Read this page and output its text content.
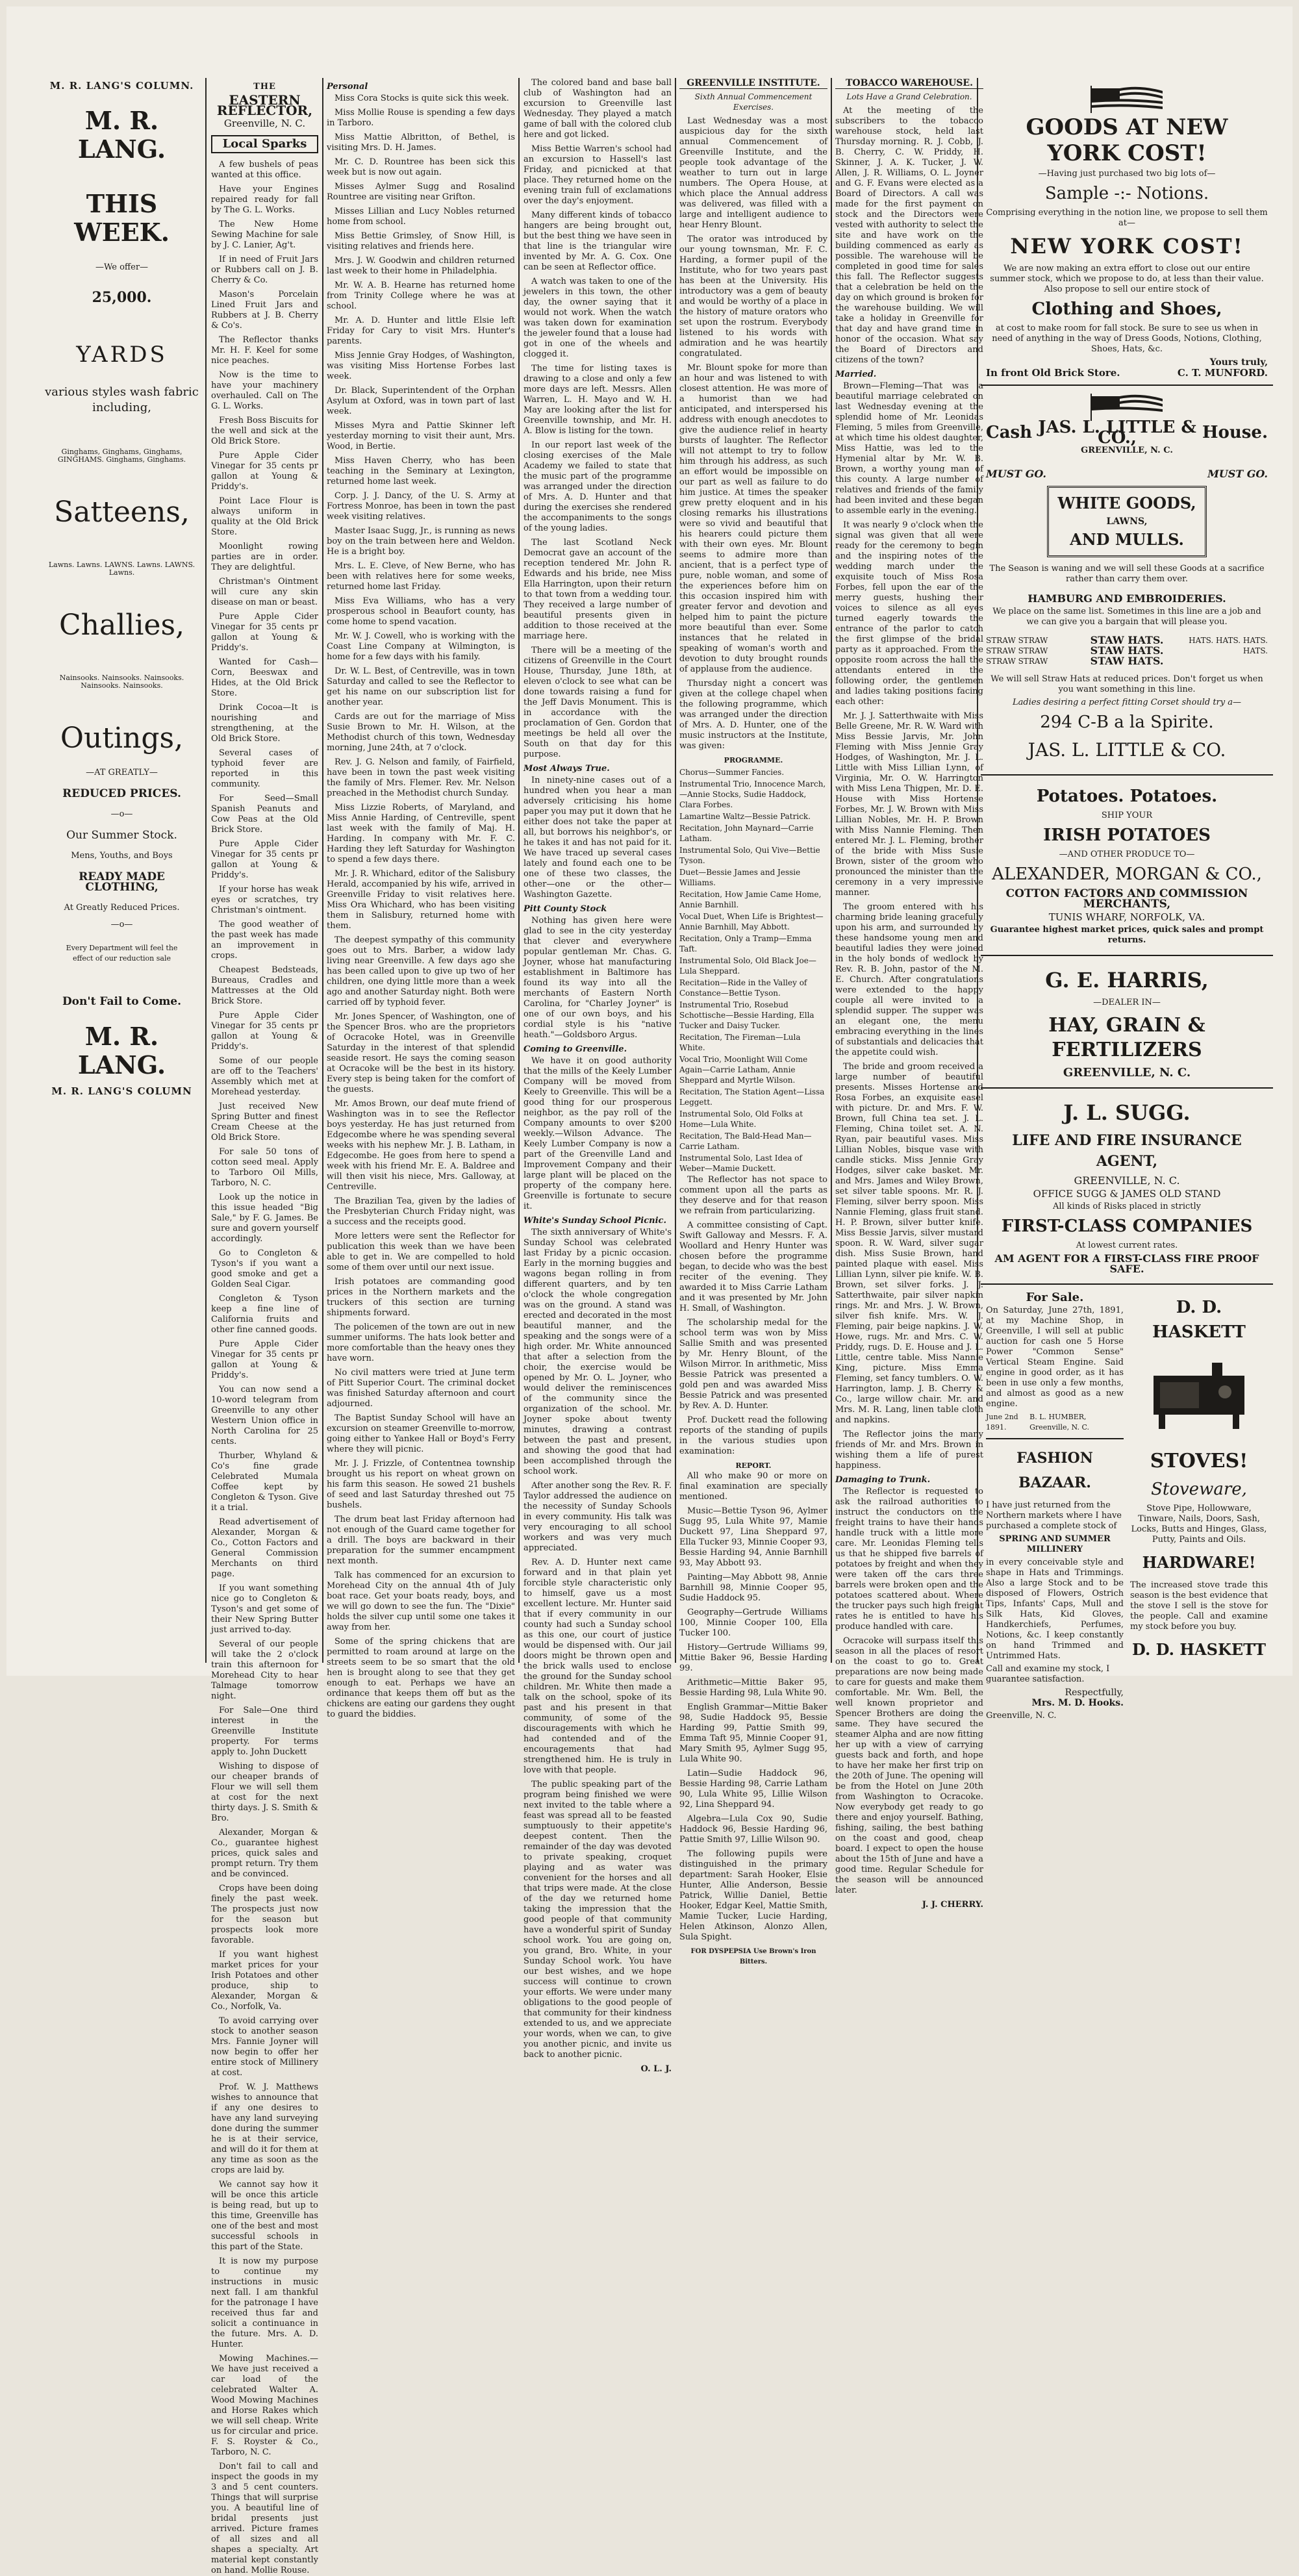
M. R. LANG'S COLUMN.
M. R. LANG.
THIS WEEK.
—We offer—
25,000.
YARDS
various styles wash fabric including,
Ginghams, Ginghams, Ginghams, GINGHAMS. Ginghams, Ginghams.
Satteens,
Lawns. Lawns. LAWNS. Lawns. LAWNS. Lawns.
Challies,
Nainsooks. Nainsooks. Nainsooks. Nainsooks. Nainsooks.
Outings,
—AT GREATLY—
REDUCED PRICES.
—o—
Our Summer Stock.
Mens, Youths, and Boys
READY MADE CLOTHING,
At Greatly Reduced Prices.
—o—
Every Department will feel the effect of our reduction sale
Don't Fail to Come.
M. R. LANG.
M. R. LANG'S COLUMN
THE
EASTERN REFLECTOR,
Greenville, N. C.
Local Sparks

A few bushels of peas wanted at this office.

Have your Engines repaired ready for fall by The G. L. Works.

The New Home Sewing Machine for sale by J. C. Lanier, Ag't.

If in need of Fruit Jars or Rubbers call on J. B. Cherry & Co.

Mason's Porcelain Lined Fruit Jars and Rubbers at J. B. Cherry & Co's.

The Reflector thanks Mr. H. F. Keel for some nice peaches.

Now is the time to have your machinery overhauled. Call on The G. L. Works.

Fresh Boss Biscuits for the well and sick at the Old Brick Store.

Pure Apple Cider Vinegar for 35 cents pr gallon at Young & Priddy's.

Point Lace Flour is always uniform in quality at the Old Brick Store.

Moonlight rowing parties are in order. They are delightful.

Christman's Ointment will cure any skin disease on man or beast.

Pure Apple Cider Vinegar for 35 cents pr gallon at Young & Priddy's.

Wanted for Cash—Corn, Beeswax and Hides, at the Old Brick Store.

Drink Cocoa—It is nourishing and strengthening, at the Old Brick Store.

Several cases of typhoid fever are reported in this community.

For Seed—Small Spanish Peanuts and Cow Peas at the Old Brick Store.

Pure Apple Cider Vinegar for 35 cents pr gallon at Young & Priddy's.

If your horse has weak eyes or scratches, try Christman's ointment.

The good weather of the past week has made an improvement in crops.

Cheapest Bedsteads, Bureaus, Cradles and Mattresses at the Old Brick Store.

Pure Apple Cider Vinegar for 35 cents pr gallon at Young & Priddy's.

Some of our people are off to the Teachers' Assembly which met at Morehead yesterday.

Just received New Spring Butter and finest Cream Cheese at the Old Brick Store.

For sale 50 tons of cotton seed meal. Apply to Tarboro Oil Mills, Tarboro, N. C.

Look up the notice in this issue headed "Big Sale," by F. G. James. Be sure and govern yourself accordingly.

Go to Congleton & Tyson's if you want a good smoke and get a Golden Seal Cigar.

Congleton & Tyson keep a fine line of California fruits and other fine canned goods.

Pure Apple Cider Vinegar for 35 cents pr gallon at Young & Priddy's.

You can now send a 10-word telegram from Greenville to any other Western Union office in North Carolina for 25 cents.

Thurber, Whyland & Co's fine grade Celebrated Mumala Coffee kept by Congleton & Tyson. Give it a trial.

Read advertisement of Alexander, Morgan & Co., Cotton Factors and General Commission Merchants on third page.

If you want something nice go to Congleton & Tyson's and get some of their New Spring Butter just arrived to-day.

Several of our people will take the 2 o'clock train this afternoon for Morehead City to hear Talmage tomorrow night.

For Sale—One third interest in the Greenville Institute property. For terms apply to. John Duckett

Wishing to dispose of our cheaper brands of Flour we will sell them at cost for the next thirty days. J. S. Smith & Bro.

Alexander, Morgan & Co., guarantee highest prices, quick sales and prompt return. Try them and be convinced.

Crops have been doing finely the past week. The prospects just now for the season but prospects look more favorable.

If you want highest market prices for your Irish Potatoes and other produce, ship to Alexander, Morgan & Co., Norfolk, Va.

To avoid carrying over stock to another season Mrs. Fannie Joyner will now begin to offer her entire stock of Millinery at cost.

Prof. W. J. Matthews wishes to announce that if any one desires to have any land surveying done during the summer he is at their service, and will do it for them at any time as soon as the crops are laid by.

We cannot say how it will be once this article is being read, but up to this time, Greenville has one of the best and most successful schools in this part of the State.

It is now my purpose to continue my instructions in music next fall. I am thankful for the patronage I have received thus far and solicit a continuance in the future. Mrs. A. D. Hunter.

Mowing Machines.—We have just received a car load of the celebrated Walter A. Wood Mowing Machines and Horse Rakes which we will sell cheap. Write us for circular and price. F. S. Royster & Co., Tarboro, N. C.

Don't fail to call and inspect the goods in my 3 and 5 cent counters. Things that will surprise you. A beautiful line of bridal presents just arrived. Picture frames of all sizes and all shapes a specialty. Art material kept constantly on hand. Mollie Rouse.

Personal

Miss Cora Stocks is quite sick this week.

Miss Mollie Rouse is spending a few days in Tarboro.

Miss Mattie Albritton, of Bethel, is visiting Mrs. D. H. James.

Mr. C. D. Rountree has been sick this week but is now out again.

Misses Aylmer Sugg and Rosalind Rountree are visiting near Grifton.

Misses Lillian and Lucy Nobles returned home from school.

Miss Bettie Grimsley, of Snow Hill, is visiting relatives and friends here.

Mrs. J. W. Goodwin and children returned last week to their home in Philadelphia.

Mr. W. A. B. Hearne has returned home from Trinity College where he was at school.

Mr. A. D. Hunter and little Elsie left Friday for Cary to visit Mrs. Hunter's parents.

Miss Jennie Gray Hodges, of Washington, was visiting Miss Hortense Forbes last week.

Dr. Black, Superintendent of the Orphan Asylum at Oxford, was in town part of last week.

Misses Myra and Pattie Skinner left yesterday morning to visit their aunt, Mrs. Wood, in Bertie.

Miss Haven Cherry, who has been teaching in the Seminary at Lexington, returned home last week.

Corp. J. J. Dancy, of the U. S. Army at Fortress Monroe, has been in town the past week visiting relatives.

Master Isaac Sugg, Jr., is running as news boy on the train between here and Weldon. He is a bright boy.

Mrs. L. E. Cleve, of New Berne, who has been with relatives here for some weeks, returned home last Friday.

Miss Eva Williams, who has a very prosperous school in Beaufort county, has come home to spend vacation.

Mr. W. J. Cowell, who is working with the Coast Line Company at Wilmington, is home for a few days with his family.

Dr. W. L. Best, of Centreville, was in town Saturday and called to see the Reflector to get his name on our subscription list for another year.

Cards are out for the marriage of Miss Susie Brown to Mr. H. Wilson, at the Methodist church of this town, Wednesday morning, June 24th, at 7 o'clock.

Rev. J. G. Nelson and family, of Fairfield, have been in town the past week visiting the family of Mrs. Flemer. Rev. Mr. Nelson preached in the Methodist church Sunday.

Miss Lizzie Roberts, of Maryland, and Miss Annie Harding, of Centreville, spent last week with the family of Maj. H. Harding. In company with Mr. F. C. Harding they left Saturday for Washington to spend a few days there.

Mr. J. R. Whichard, editor of the Salisbury Herald, accompanied by his wife, arrived in Greenville Friday to visit relatives here. Miss Ora Whichard, who has been visiting them in Salisbury, returned home with them.

The deepest sympathy of this community goes out to Mrs. Barber, a widow lady living near Greenville. A few days ago she has been called upon to give up two of her children, one dying little more than a week ago and another Saturday night. Both were carried off by typhoid fever.

Mr. Jones Spencer, of Washington, one of the Spencer Bros. who are the proprietors of Ocracoke Hotel, was in Greenville Saturday in the interest of that splendid seaside resort. He says the coming season at Ocracoke will be the best in its history. Every step is being taken for the comfort of the guests.

Mr. Amos Brown, our deaf mute friend of Washington was in to see the Reflector boys yesterday. He has just returned from Edgecombe where he was spending several weeks with his nephew Mr. J. B. Latham, in Edgecombe. He goes from here to spend a week with his friend Mr. E. A. Baldree and will then visit his niece, Mrs. Galloway, at Centreville.

The Brazilian Tea, given by the ladies of the Presbyterian Church Friday night, was a success and the receipts good.

More letters were sent the Reflector for publication this week than we have been able to get in. We are compelled to hold some of them over until our next issue.

Irish potatoes are commanding good prices in the Northern markets and the truckers of this section are turning shipments forward.

The policemen of the town are out in new summer uniforms. The hats look better and more comfortable than the heavy ones they have worn.

No civil matters were tried at June term of Pitt Superior Court. The criminal docket was finished Saturday afternoon and court adjourned.

The Baptist Sunday School will have an excursion on steamer Greenville to-morrow, going either to Yankee Hall or Boyd's Ferry where they will picnic.

Mr. J. J. Frizzle, of Contentnea township brought us his report on wheat grown on his farm this season. He sowed 21 bushels of seed and last Saturday threshed out 75 bushels.

The drum beat last Friday afternoon had not enough of the Guard came together for a drill. The boys are backward in their preparation for the summer encampment next month.

Talk has commenced for an excursion to Morehead City on the annual 4th of July boat race. Get your boats ready, boys, and we will go down to see the fun. The "Dixie" holds the silver cup until some one takes it away from her.

Some of the spring chickens that are permitted to roam around at large on the streets seem to be so smart that the old hen is brought along to see that they get enough to eat. Perhaps we have an ordinance that keeps them off but as the chickens are eating our gardens they ought to guard the biddies.

The colored band and base ball club of Washington had an excursion to Greenville last Wednesday. They played a match game of ball with the colored club here and got licked.

Miss Bettie Warren's school had an excursion to Hassell's last Friday, and picnicked at that place. They returned home on the evening train full of exclamations over the day's enjoyment.

Many different kinds of tobacco hangers are being brought out, but the best thing we have seen in that line is the triangular wire invented by Mr. A. G. Cox. One can be seen at Reflector office.

A watch was taken to one of the jewelers in this town, the other day, the owner saying that it would not work. When the watch was taken down for examination the jeweler found that a louse had got in one of the wheels and clogged it.

The time for listing taxes is drawing to a close and only a few more days are left. Messrs. Allen Warren, L. H. Mayo and W. H. May are looking after the list for Greenville township, and Mr. H. A. Blow is listing for the town.

In our report last week of the closing exercises of the Male Academy we failed to state that the music part of the programme was arranged under the direction of Mrs. A. D. Hunter and that during the exercises she rendered the accompaniments to the songs of the young ladies.

The last Scotland Neck Democrat gave an account of the reception tendered Mr. John R. Edwards and his bride, nee Miss Ella Harrington, upon their return to that town from a wedding tour. They received a large number of beautiful presents given in addition to those received at the marriage here.

There will be a meeting of the citizens of Greenville in the Court House, Thursday, June 18th, at eleven o'clock to see what can be done towards raising a fund for the Jeff Davis Monument. This is in accordance with the proclamation of Gen. Gordon that meetings be held all over the South on that day for this purpose.

Most Always True.

In ninety-nine cases out of a hundred when you hear a man adversely criticising his home paper you may put it down that he either does not take the paper at all, but borrows his neighbor's, or he takes it and has not paid for it. We have traced up several cases lately and found each one to be one of these two classes, the other—one or the other—Washington Gazette.

Pitt County Stock

Nothing has given here were glad to see in the city yesterday that clever and everywhere popular gentleman Mr. Chas. G. Joyner, whose hat manufacturing establishment in Baltimore has found its way into all the merchants of Eastern North Carolina, for "Charley Joyner" is one of our own boys, and his cordial style is his "native heath."—Goldsboro Argus.

Coming to Greenville.

We have it on good authority that the mills of the Keely Lumber Company will be moved from Keely to Greenville. This will be a good thing for our prosperous neighbor, as the pay roll of the Company amounts to over $200 weekly.—Wilson Advance. The Keely Lumber Company is now a part of the Greenville Land and Improvement Company and their large plant will be placed on the property of the company here. Greenville is fortunate to secure it.

White's Sunday School Picnic.

The sixth anniversary of White's Sunday School was celebrated last Friday by a picnic occasion. Early in the morning buggies and wagons began rolling in from different quarters, and by ten o'clock the whole congregation was on the ground. A stand was erected and decorated in the most beautiful manner, and the speaking and the songs were of a high order. Mr. White announced that after a selection from the choir, the exercise would be opened by Mr. O. L. Joyner, who would deliver the reminiscences of the community since the organization of the school. Mr. Joyner spoke about twenty minutes, drawing a contrast between the past and present, and showing the good that had been accomplished through the school work.

After another song the Rev. R. F. Taylor addressed the audience on the necessity of Sunday Schools in every community. His talk was very encouraging to all school workers and was very much appreciated.

Rev. A. D. Hunter next came forward and in that plain yet forcible style characteristic only to himself, gave us a most excellent lecture. Mr. Hunter said that if every community in our county had such a Sunday school as this one, our court of justice would be dispensed with. Our jail doors might be thrown open and the brick walls used to enclose the ground for the Sunday school children. Mr. White then made a talk on the school, spoke of its past and his present in that community, of some of the discouragements with which he had contended and of the encouragements that had strengthened him. He is truly in love with that people.

The public speaking part of the program being finished we were next invited to the table where a feast was spread all to be feasted sumptuously to their appetite's deepest content. Then the remainder of the day was devoted to private speaking, croquet playing and as water was convenient for the horses and all that trips were made. At the close of the day we returned home taking the impression that the good people of that community have a wonderful spirit of Sunday school work. You are going on, you grand, Bro. White, in your Sunday School work. You have our best wishes, and we hope success will continue to crown your efforts. We were under many obligations to the good people of that community for their kindness extended to us, and we appreciate your words, when we can, to give you another picnic, and invite us back to another picnic.

O. L. J.
GREENVILLE INSTITUTE.
Sixth Annual Commencement Exercises.

Last Wednesday was a most auspicious day for the sixth annual Commencement of Greenville Institute, and the people took advantage of the weather to turn out in large numbers. The Opera House, at which place the Annual address was delivered, was filled with a large and intelligent audience to hear Henry Blount.

The orator was introduced by our young townsman, Mr. F. C. Harding, a former pupil of the Institute, who for two years past has been at the University. His introductory was a gem of beauty and would be worthy of a place in the history of mature orators who set upon the rostrum. Everybody listened to his words with admiration and he was heartily congratulated.

Mr. Blount spoke for more than an hour and was listened to with closest attention. He was more of a humorist than we had anticipated, and interspersed his address with enough anecdotes to give the audience relief in hearty bursts of laughter. The Reflector will not attempt to try to follow him through his address, as such an effort would be impossible on our part as well as failure to do him justice. At times the speaker grew pretty eloquent and in his closing remarks his illustrations were so vivid and beautiful that his hearers could picture them with their own eyes. Mr. Blount seems to admire more than ancient, that is a perfect type of pure, noble woman, and some of the experiences before him on this occasion inspired him with greater fervor and devotion and helped him to paint the picture more beautiful than ever. Some instances that he related in speaking of woman's worth and devotion to duty brought rounds of applause from the audience.

Thursday night a concert was given at the college chapel when the following programme, which was arranged under the direction of Mrs. A. D. Hunter, one of the music instructors at the Institute, was given:

PROGRAMME.

Chorus—Summer Fancies.

Instrumental Trio, Innocence March, —Annie Stocks, Sudie Haddock, Clara Forbes.

Lamartine Waltz—Bessie Patrick.

Recitation, John Maynard—Carrie Latham.

Instrumental Solo, Qui Vive—Bettie Tyson.

Duet—Bessie James and Jessie Williams.

Recitation, How Jamie Came Home, Annie Barnhill.

Vocal Duet, When Life is Brightest—Annie Barnhill, May Abbott.

Recitation, Only a Tramp—Emma Taft.

Instrumental Solo, Old Black Joe—Lula Sheppard.

Recitation—Ride in the Valley of Constance—Bettie Tyson.

Instrumental Trio, Rosebud Schottische—Bessie Harding, Ella Tucker and Daisy Tucker.

Recitation, The Fireman—Lula White.

Vocal Trio, Moonlight Will Come Again—Carrie Latham, Annie Sheppard and Myrtle Wilson.

Recitation, The Station Agent—Lissa Leggett.

Instrumental Solo, Old Folks at Home—Lula White.

Recitation, The Bald-Head Man—Carrie Latham.

Instrumental Solo, Last Idea of Weber—Mamie Duckett.

The Reflector has not space to comment upon all the parts as they deserve and for that reason we refrain from particularizing.

A committee consisting of Capt. Swift Galloway and Messrs. F. A. Woollard and Henry Hunter was chosen before the programme began, to decide who was the best reciter of the evening. They awarded it to Miss Carrie Latham and it was presented by Mr. John H. Small, of Washington.

The scholarship medal for the school term was won by Miss Sallie Smith and was presented by Mr. Henry Blount, of the Wilson Mirror. In arithmetic, Miss Bessie Patrick was presented a gold pen and was awarded Miss Bessie Patrick and was presented by Rev. A. D. Hunter.

Prof. Duckett read the following reports of the standing of pupils in the various studies upon examination:

REPORT.

All who make 90 or more on final examination are specially mentioned.

Music—Bettie Tyson 96, Aylmer Sugg 95, Lula White 97, Mamie Duckett 97, Lina Sheppard 97, Ella Tucker 93, Minnie Cooper 93, Bessie Harding 94, Annie Barnhill 93, May Abbott 93.

Painting—May Abbott 98, Annie Barnhill 98, Minnie Cooper 95, Sudie Haddock 95.

Geography—Gertrude Williams 100, Minnie Cooper 100, Ella Tucker 100.

History—Gertrude Williams 99, Mittie Baker 96, Bessie Harding 99.

Arithmetic—Mittie Baker 95, Bessie Harding 98, Lula White 90.

English Grammar—Mittie Baker 98, Sudie Haddock 95, Bessie Harding 99, Pattie Smith 99, Emma Taft 95, Minnie Cooper 91, Mary Smith 95, Aylmer Sugg 95, Lula White 90.

Latin—Sudie Haddock 96, Bessie Harding 98, Carrie Latham 90, Lula White 95, Lillie Wilson 92, Lina Sheppard 94.

Algebra—Lula Cox 90, Sudie Haddock 96, Bessie Harding 96, Pattie Smith 97, Lillie Wilson 90.

The following pupils were distinguished in the primary department: Sarah Hooker, Elsie Hunter, Allie Anderson, Bessie Patrick, Willie Daniel, Bettie Hooker, Edgar Keel, Mattie Smith, Mamie Tucker, Lucie Harding, Helen Atkinson, Alonzo Allen, Sula Spight.

FOR DYSPEPSIA Use Brown's Iron Bitters.
TOBACCO WAREHOUSE.
Lots Have a Grand Celebration.

At the meeting of the subscribers to the tobacco warehouse stock, held last Thursday morning. R. J. Cobb, J. B. Cherry, C. W. Priddy, H. Skinner, J. A. K. Tucker, J. W. Allen, J. R. Williams, O. L. Joyner and G. F. Evans were elected as a Board of Directors. A call was made for the first payment on stock and the Directors were vested with authority to select the site and have work on the building commenced as early as possible. The warehouse will be completed in good time for sales this fall. The Reflector suggests that a celebration be held on the day on which ground is broken for the warehouse building. We will take a holiday in Greenville for that day and have grand time in honor of the occasion. What say the Board of Directors and citizens of the town?

Married.

Brown—Fleming—That was a beautiful marriage celebrated on last Wednesday evening at the splendid home of Mr. Leonidas Fleming, 5 miles from Greenville, at which time his oldest daughter, Miss Hattie, was led to the Hymenial altar by Mr. W. B. Brown, a worthy young man of this county. A large number of relatives and friends of the family had been invited and these began to assemble early in the evening.

It was nearly 9 o'clock when the signal was given that all were ready for the ceremony to begin and the inspiring notes of the wedding march under the exquisite touch of Miss Rosa Forbes, fell upon the ear of the merry guests, hushing their voices to silence as all eyes turned eagerly towards the entrance of the parlor to catch the first glimpse of the bridal party as it approached. From the opposite room across the hall the attendants entered in the following order, the gentlemen and ladies taking positions facing each other:

Mr. J. J. Satterthwaite with Miss Belle Greene, Mr. R. W. Ward with Miss Bessie Jarvis, Mr. John Fleming with Miss Jennie Gray Hodges, of Washington, Mr. J. L. Little with Miss Lillian Lynn, of Virginia, Mr. O. W. Harrington with Miss Lena Thigpen, Mr. D. E. House with Miss Hortense Forbes, Mr. J. W. Brown with Miss Lillian Nobles, Mr. H. P. Brown with Miss Nannie Fleming. Then entered Mr. J. L. Fleming, brother of the bride with Miss Susie Brown, sister of the groom who pronounced the minister than the ceremony in a very impressive manner.

The groom entered with his charming bride leaning gracefully upon his arm, and surrounded by these handsome young men and beautiful ladies they were joined in the holy bonds of wedlock by Rev. R. B. John, pastor of the M. E. Church. After congratulations were extended to the happy couple all were invited to a splendid supper. The supper was an elegant one, the menu embracing everything in the lines of substantials and delicacies that the appetite could wish.

The bride and groom received a large number of beautiful presents. Misses Hortense and Rosa Forbes, an exquisite easel with picture. Dr. and Mrs. F. W. Brown, full China tea set. J. L. Fleming, China toilet set. A. N. Ryan, pair beautiful vases. Miss Lillian Nobles, bisque vase with candle sticks. Miss Jennie Gray Hodges, silver cake basket. Mr. and Mrs. James and Wiley Brown, set silver table spoons. Mr. R. J. Fleming, silver berry spoon. Miss Nannie Fleming, glass fruit stand. H. P. Brown, silver butter knife. Miss Bessie Jarvis, silver mustard spoon. R. W. Ward, silver sugar dish. Miss Susie Brown, hand painted plaque with easel. Miss Lillian Lynn, silver pie knife. W. B. Brown, set silver forks. J. J. Satterthwaite, pair silver napkin rings. Mr. and Mrs. J. W. Brown, silver fish knife. Mrs. W. J. Fleming, pair beige napkins. J. W. Howe, rugs. Mr. and Mrs. C. W. Priddy, rugs. D. E. House and J. L. Little, centre table. Miss Nannie King, picture. Miss Emma Fleming, set fancy tumblers. O. W. Harrington, lamp. J. B. Cherry & Co., large willow chair. Mr. and Mrs. M. R. Lang, linen table cloth and napkins.

The Reflector joins the many friends of Mr. and Mrs. Brown in wishing them a life of purest happiness.

Damaging to Trunk.

The Reflector is requested to ask the railroad authorities to instruct the conductors on the freight trains to have their hands handle truck with a little more care. Mr. Leonidas Fleming tells us that he shipped five barrels of potatoes by freight and when they were taken off the cars three barrels were broken open and the potatoes scattered about. Where the trucker pays such high freight rates he is entitled to have his produce handled with care.

Ocracoke will surpass itself this season in all the places of resort on the coast to go to. Great preparations are now being made to care for guests and make them comfortable. Mr. Wm. Bell, the well known proprietor and Spencer Brothers are doing the same. They have secured the steamer Alpha and are now fitting her up with a view of carrying guests back and forth, and hope to have her make her first trip on the 20th of June. The opening will be from the Hotel on June 20th from Washington to Ocracoke. Now everybody get ready to go there and enjoy yourself. Bathing, fishing, sailing, the best bathing on the coast and good, cheap board. I expect to open the house about the 15th of June and have a good time. Regular Schedule for the season will be announced later.

J. J. CHERRY.
GOODS AT NEW YORK COST!
—Having just purchased two big lots of—
Sample -:- Notions.
Comprising everything in the notion line, we propose to sell them at—
NEW YORK COST!
We are now making an extra effort to close out our entire summer stock, which we propose to do, at less than their value. Also propose to sell our entire stock of
Clothing and Shoes,
at cost to make room for fall stock. Be sure to see us when in need of anything in the way of Dress Goods, Notions, Clothing, Shoes, Hats, &c.
Yours truly,
In front Old Brick Store.	C. T. MUNFORD.
Cash JAS. L. LITTLE & CO.,	House.
GREENVILLE, N. C.
MUST GO.	MUST GO.
WHITE GOODS,
LAWNS,
AND MULLS.
The Season is waning and we will sell these Goods at a sacrifice rather than carry them over.
HAMBURG AND EMBROIDERIES.
We place on the same list. Sometimes in this line are a job and we can give you a bargain that will please you.
STRAW STRAW STRAW STRAW STRAW STRAW
STAW HATS. STAW HATS. STAW HATS.
HATS. HATS. HATS. HATS.
We will sell Straw Hats at reduced prices. Don't forget us when you want something in this line.
Ladies desiring a perfect fitting Corset should try a—
294 C-B a la Spirite.
JAS. L. LITTLE & CO.
Potatoes. Potatoes.
SHIP YOUR
IRISH POTATOES
—AND OTHER PRODUCE TO—
ALEXANDER, MORGAN & CO.,
COTTON FACTORS AND COMMISSION MERCHANTS,
TUNIS WHARF, NORFOLK, VA.
Guarantee highest market prices, quick sales and prompt returns.
G. E. HARRIS,
—DEALER IN—
HAY, GRAIN & FERTILIZERS
GREENVILLE, N. C.
J. L. SUGG.
LIFE AND FIRE INSURANCE AGENT,
GREENVILLE, N. C.
OFFICE SUGG & JAMES OLD STAND
All kinds of Risks placed in strictly
FIRST-CLASS COMPANIES
At lowest current rates.
AM AGENT FOR A FIRST-CLASS FIRE PROOF SAFE.
For Sale.
On Saturday, June 27th, 1891, at my Machine Shop, in Greenville, I will sell at public auction for cash one 5 Horse Power "Common Sense" Vertical Steam Engine. Said engine in good order, as it has been in use only a few months, and almost as good as a new engine.
June 2nd 1891.
B. L. HUMBER, Greenville, N. C.
FASHION BAZAAR.
I have just returned from the Northern markets where I have purchased a complete stock of
SPRING AND SUMMER MILLINERY
in every conceivable style and shape in Hats and Trimmings. Also a large Stock and to be disposed of Flowers, Ostrich Tips, Infants' Caps, Mull and Silk Hats, Kid Gloves, Handkerchiefs, Perfumes, Notions, &c. I keep constantly on hand Trimmed and Untrimmed Hats.
Call and examine my stock, I guarantee satisfaction.
Respectfully,
Mrs. M. D. Hooks.
Greenville, N. C.
D. D. HASKETT
STOVES!
Stoveware,
Stove Pipe, Hollowware, Tinware, Nails, Doors, Sash, Locks, Butts and Hinges, Glass, Putty, Paints and Oils.
HARDWARE!
The increased stove trade this season is the best evidence that the stove I sell is the stove for the people. Call and examine my stock before you buy.
D. D. HASKETT
